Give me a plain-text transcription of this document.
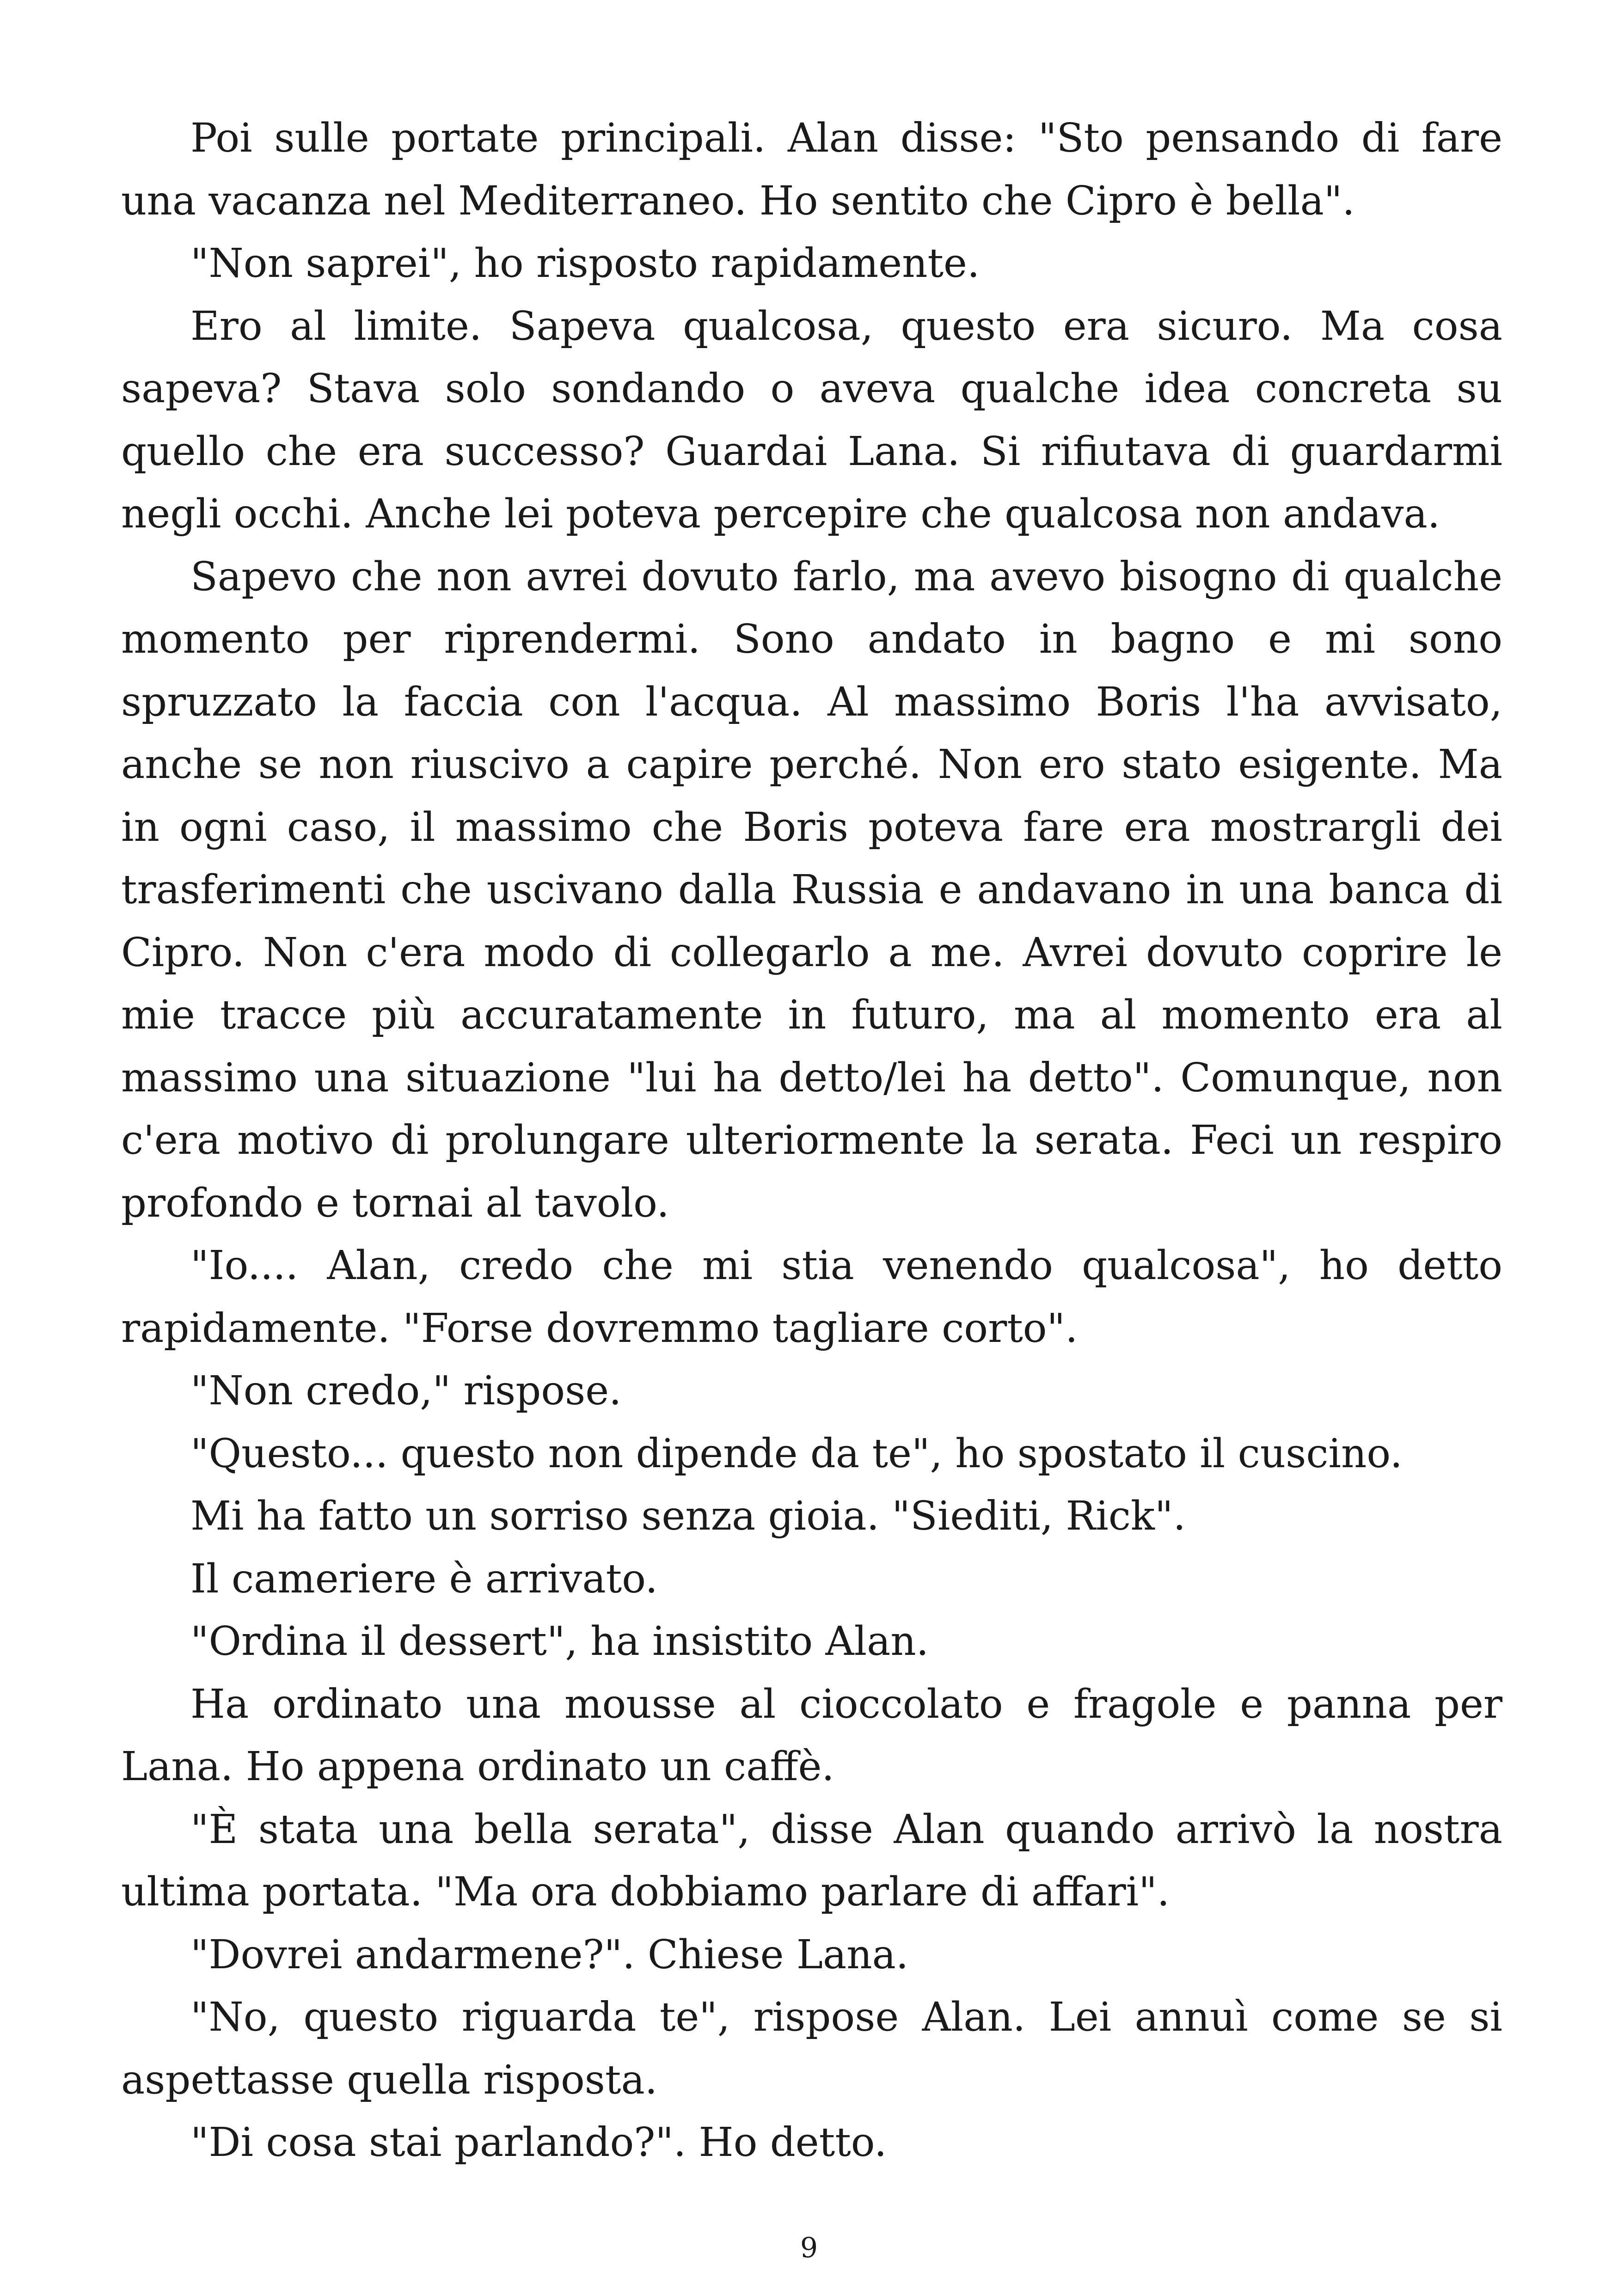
Poi sulle portate principali. Alan disse: "Sto pensando di fare una vacanza nel Mediterraneo. Ho sentito che Cipro è bella".

"Non saprei", ho risposto rapidamente.

Ero al limite. Sapeva qualcosa, questo era sicuro. Ma cosa sapeva? Stava solo sondando o aveva qualche idea concreta su quello che era successo? Guardai Lana. Si rifiutava di guardarmi negli occhi. Anche lei poteva percepire che qualcosa non andava.

Sapevo che non avrei dovuto farlo, ma avevo bisogno di qualche momento per riprendermi. Sono andato in bagno e mi sono spruzzato la faccia con l'acqua. Al massimo Boris l'ha avvisato, anche se non riuscivo a capire perché. Non ero stato esigente. Ma in ogni caso, il massimo che Boris poteva fare era mostrargli dei trasferimenti che uscivano dalla Russia e andavano in una banca di Cipro. Non c'era modo di collegarlo a me. Avrei dovuto coprire le mie tracce più accuratamente in futuro, ma al momento era al massimo una situazione "lui ha detto/lei ha detto". Comunque, non c'era motivo di prolungare ulteriormente la serata. Feci un respiro profondo e tornai al tavolo.

"Io.... Alan, credo che mi stia venendo qualcosa", ho detto rapidamente. "Forse dovremmo tagliare corto".

"Non credo," rispose.

"Questo... questo non dipende da te", ho spostato il cuscino.

Mi ha fatto un sorriso senza gioia. "Siediti, Rick".

Il cameriere è arrivato.

"Ordina il dessert", ha insistito Alan.

Ha ordinato una mousse al cioccolato e fragole e panna per Lana. Ho appena ordinato un caffè.

"È stata una bella serata", disse Alan quando arrivò la nostra ultima portata. "Ma ora dobbiamo parlare di affari".

"Dovrei andarmene?". Chiese Lana.

"No, questo riguarda te", rispose Alan. Lei annuì come se si aspettasse quella risposta.

"Di cosa stai parlando?". Ho detto.

9
